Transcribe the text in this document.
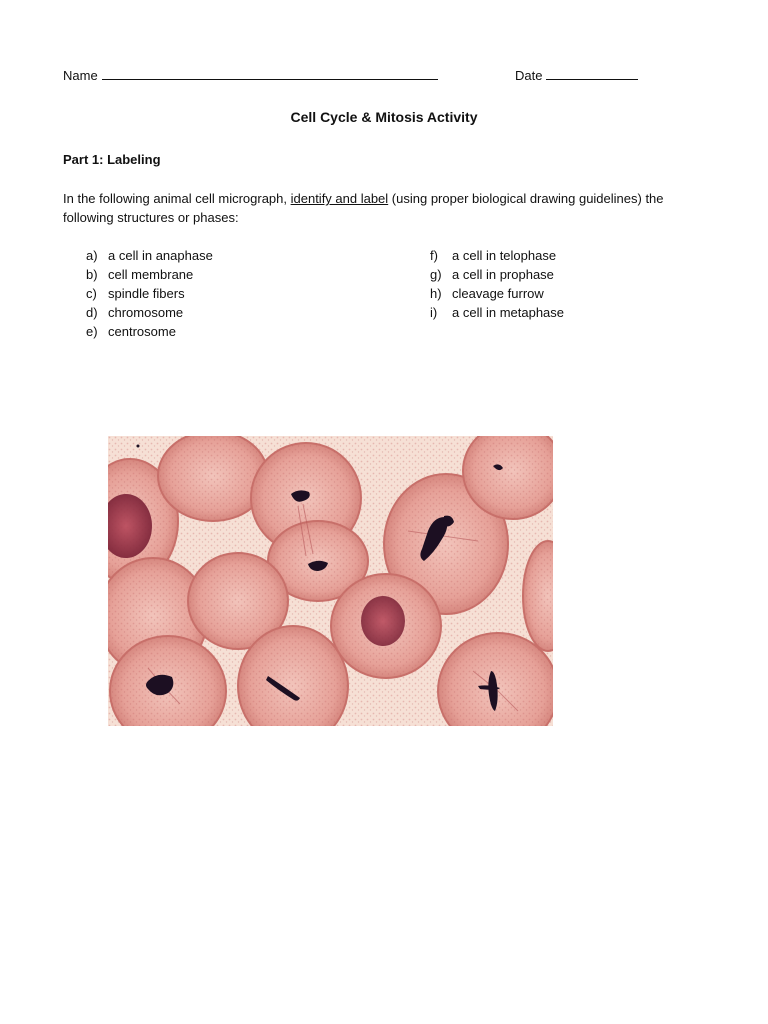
Name	Date
Cell Cycle & Mitosis Activity
Part 1: Labeling
In the following animal cell micrograph, identify and label (using proper biological drawing guidelines) the following structures or phases:
a) a cell in anaphase
b) cell membrane
c) spindle fibers
d) chromosome
e) centrosome
f) a cell in telophase
g) a cell in prophase
h) cleavage furrow
i) a cell in metaphase
